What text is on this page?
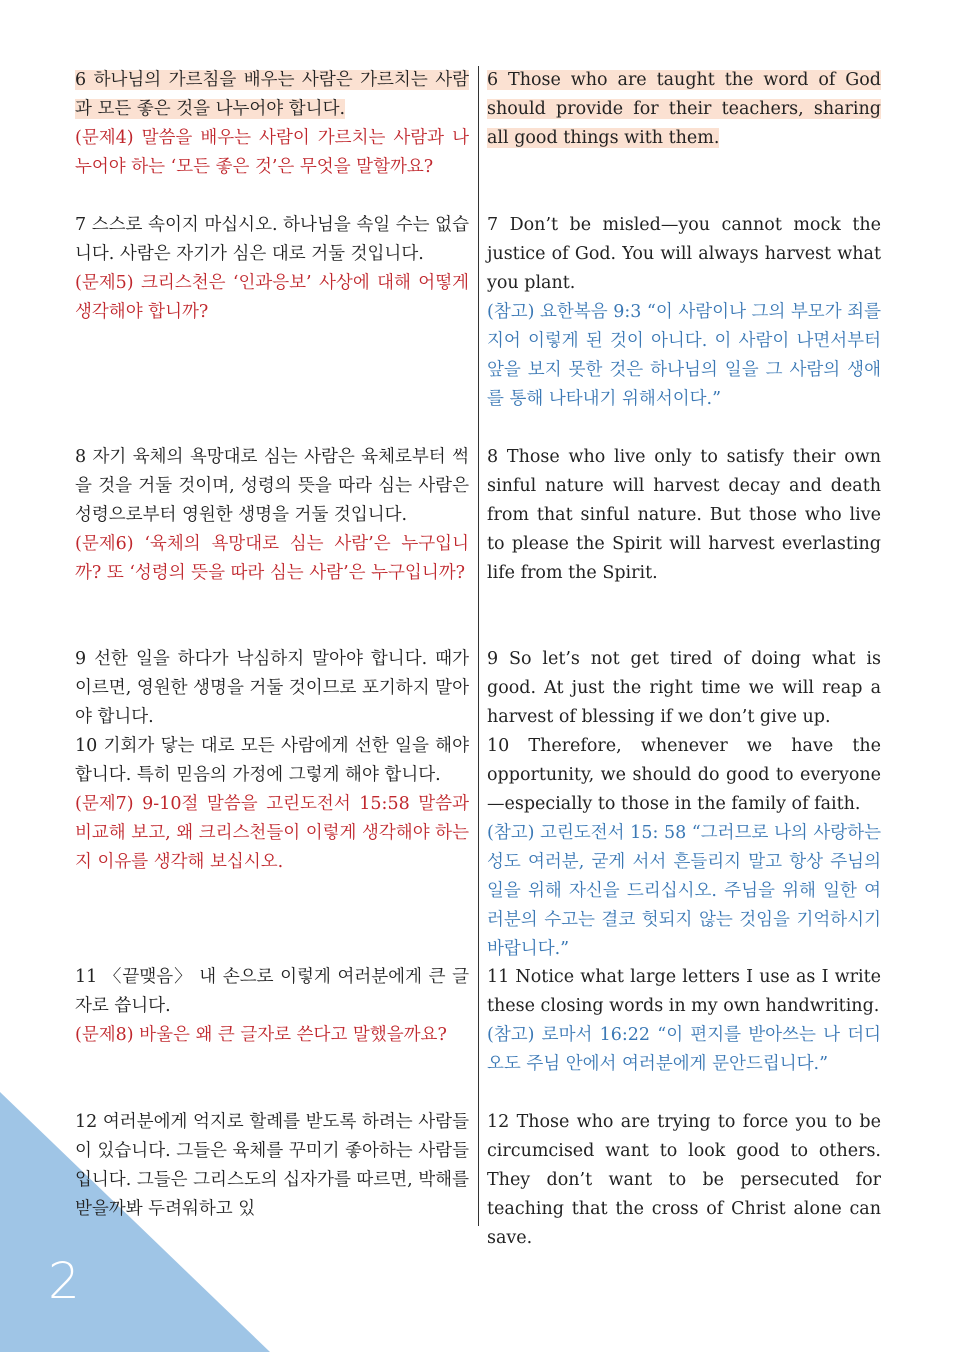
2
6 하나님의 가르침을 배우는 사람은 가르치는 사람과 모든 좋은 것을 나누어야 합니다.
(문제4) 말씀을 배우는 사람이 가르치는 사람과 나누어야 하는 ‘모든 좋은 것’은 무엇을 말할까요?
6 Those who are taught the word of God should provide for their teachers, sharing all good things with them.
7 스스로 속이지 마십시오. 하나님을 속일 수는 없습니다. 사람은 자기가 심은 대로 거둘 것입니다.
(문제5) 크리스천은 ‘인과응보’ 사상에 대해 어떻게 생각해야 합니까?
7 Don’t be misled—you cannot mock the justice of God. You will always harvest what you plant.
(참고) 요한복음 9:3 “이 사람이나 그의 부모가 죄를 지어 이렇게 된 것이 아니다. 이 사람이 나면서부터 앞을 보지 못한 것은 하나님의 일을 그 사람의 생애를 통해 나타내기 위해서이다.”
8 자기 육체의 욕망대로 심는 사람은 육체로부터 썩을 것을 거둘 것이며, 성령의 뜻을 따라 심는 사람은 성령으로부터 영원한 생명을 거둘 것입니다.
(문제6) ‘육체의 욕망대로 심는 사람’은 누구입니까? 또 ‘성령의 뜻을 따라 심는 사람’은 누구입니까?
8 Those who live only to satisfy their own sinful nature will harvest decay and death from that sinful nature. But those who live to please the Spirit will harvest everlasting life from the Spirit.
9 선한 일을 하다가 낙심하지 말아야 합니다. 때가 이르면, 영원한 생명을 거둘 것이므로 포기하지 말아야 합니다.
9 So let’s not get tired of doing what is good. At just the right time we will reap a harvest of blessing if we don’t give up.
10 기회가 닿는 대로 모든 사람에게 선한 일을 해야 합니다. 특히 믿음의 가정에 그렇게 해야 합니다.
(문제7) 9-10절 말씀을 고린도전서 15:58 말씀과 비교해 보고, 왜 크리스천들이 이렇게 생각해야 하는지 이유를 생각해 보십시오.
10 Therefore, whenever we have the opportunity, we should do good to everyone—especially to those in the family of faith.
(참고) 고린도전서 15: 58 “그러므로 나의 사랑하는 성도 여러분, 굳게 서서 흔들리지 말고 항상 주님의 일을 위해 자신을 드리십시오. 주님을 위해 일한 여러분의 수고는 결코 헛되지 않는 것임을 기억하시기 바랍니다.”
11 〈끝맺음〉 내 손으로 이렇게 여러분에게 큰 글자로 씁니다.
(문제8) 바울은 왜 큰 글자로 쓴다고 말했을까요?
11 Notice what large letters I use as I write these closing words in my own handwriting.
(참고) 로마서 16:22 “이 편지를 받아쓰는 나 더디오도 주님 안에서 여러분에게 문안드립니다.”
12 여러분에게 억지로 할례를 받도록 하려는 사람들이 있습니다. 그들은 육체를 꾸미기 좋아하는 사람들입니다. 그들은 그리스도의 십자가를 따르면, 박해를 받을까봐 두려워하고 있
12 Those who are trying to force you to be circumcised want to look good to others. They don’t want to be persecuted for teaching that the cross of Christ alone can save.
